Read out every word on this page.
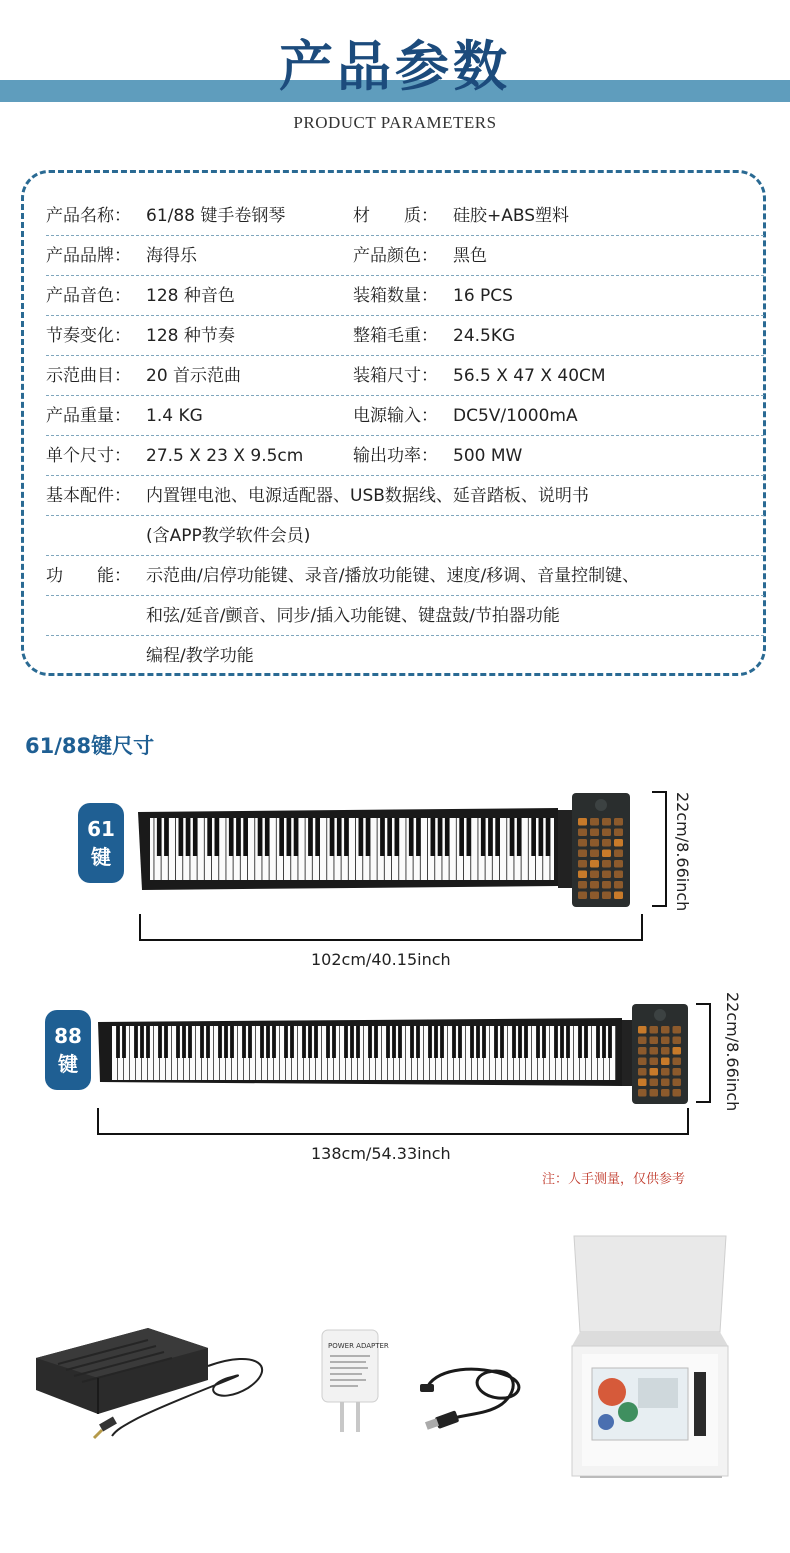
产品参数
PRODUCT PARAMETERS
产品名称： 61/88 键手卷钢琴	材　　质： 硅胶+ABS塑料
产品品牌： 海得乐	产品颜色： 黑色
产品音色： 128 种音色	装箱数量： 16 PCS
节奏变化： 128 种节奏	整箱毛重： 24.5KG
示范曲目： 20 首示范曲	装箱尺寸： 56.5 X 47 X 40CM
产品重量： 1.4 KG	电源输入： DC5V/1000mA
单个尺寸： 27.5 X 23 X 9.5cm	输出功率： 500 MW
基本配件： 内置锂电池、电源适配器、USB数据线、延音踏板、说明书
(含APP教学软件会员)
功　　能： 示范曲/启停功能键、录音/播放功能键、速度/移调、音量控制键、
和弦/延音/颤音、同步/插入功能键、键盘鼓/节拍器功能
编程/教学功能
61/88键尺寸
61
键	22cm/8.66inch
102cm/40.15inch
88
键	22cm/8.66inch
138cm/54.33inch
注：人手测量，仅供参考
POWER ADAPTER
